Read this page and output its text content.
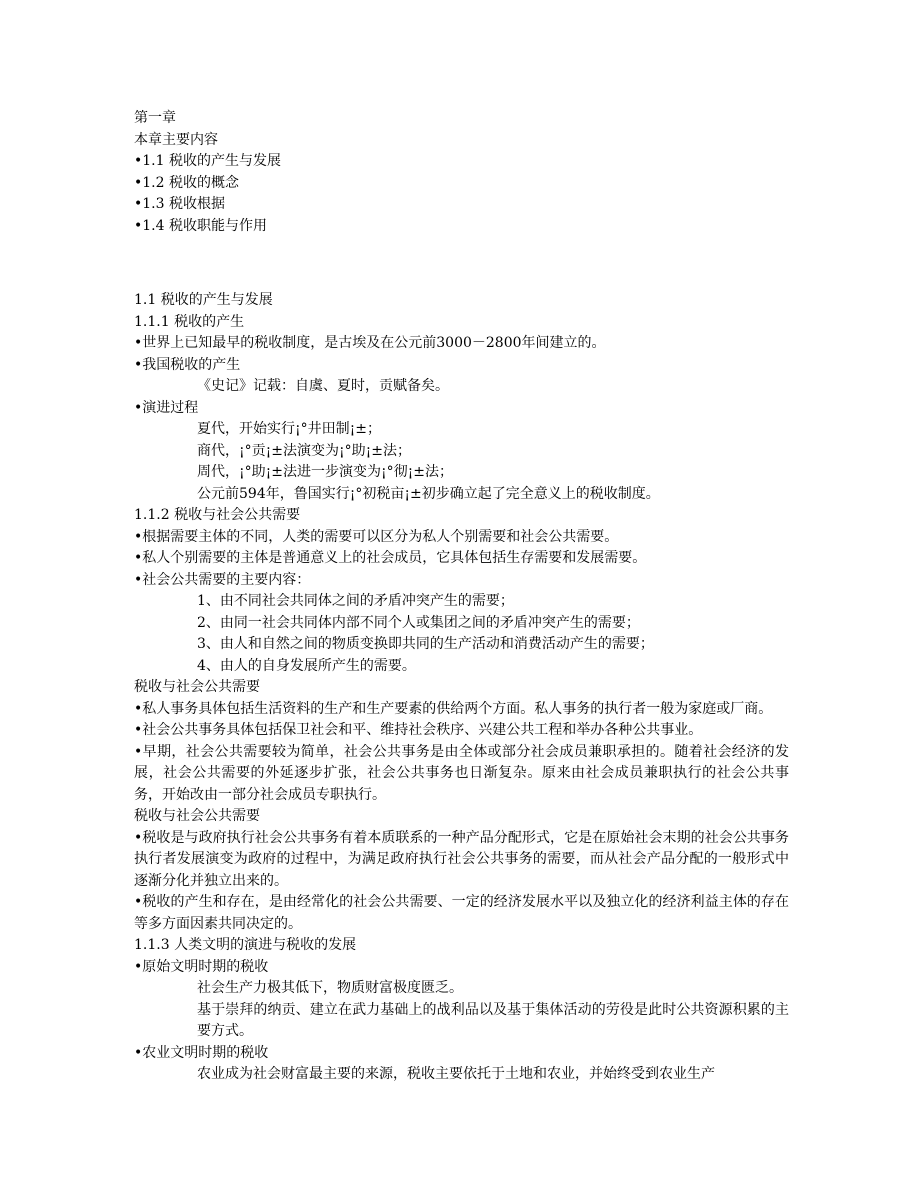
第一章
本章主要内容
• 1.1 税收的产生与发展
• 1.2 税收的概念
• 1.3 税收根据
• 1.4 税收职能与作用
1.1 税收的产生与发展
1.1.1 税收的产生
• 世界上已知最早的税收制度，是古埃及在公元前3000－2800年间建立的。
• 我国税收的产生
《史记》记载：自虞、夏时，贡赋备矣。
• 演进过程
夏代，开始实行¡°井田制¡±；
商代，¡°贡¡±法演变为¡°助¡±法；
周代，¡°助¡±法进一步演变为¡°彻¡±法；
公元前594年，鲁国实行¡°初税亩¡±初步确立起了完全意义上的税收制度。
1.1.2 税收与社会公共需要
• 根据需要主体的不同，人类的需要可以区分为私人个别需要和社会公共需要。
• 私人个别需要的主体是普通意义上的社会成员，它具体包括生存需要和发展需要。
• 社会公共需要的主要内容：
1、由不同社会共同体之间的矛盾冲突产生的需要；
2、由同一社会共同体内部不同个人或集团之间的矛盾冲突产生的需要；
3、由人和自然之间的物质变换即共同的生产活动和消费活动产生的需要；
4、由人的自身发展所产生的需要。
税收与社会公共需要
• 私人事务具体包括生活资料的生产和生产要素的供给两个方面。私人事务的执行者一般为家庭或厂商。
• 社会公共事务具体包括保卫社会和平、维持社会秩序、兴建公共工程和举办各种公共事业。
• 早期，社会公共需要较为简单，社会公共事务是由全体或部分社会成员兼职承担的。随着社会经济的发展，社会公共需要的外延逐步扩张，社会公共事务也日渐复杂。原来由社会成员兼职执行的社会公共事务，开始改由一部分社会成员专职执行。
税收与社会公共需要
• 税收是与政府执行社会公共事务有着本质联系的一种产品分配形式，它是在原始社会末期的社会公共事务执行者发展演变为政府的过程中，为满足政府执行社会公共事务的需要，而从社会产品分配的一般形式中逐渐分化并独立出来的。
• 税收的产生和存在，是由经常化的社会公共需要、一定的经济发展水平以及独立化的经济利益主体的存在等多方面因素共同决定的。
1.1.3 人类文明的演进与税收的发展
• 原始文明时期的税收
社会生产力极其低下，物质财富极度匮乏。
基于崇拜的纳贡、建立在武力基础上的战利品以及基于集体活动的劳役是此时公共资源积累的主要方式。
• 农业文明时期的税收
农业成为社会财富最主要的来源，税收主要依托于土地和农业，并始终受到农业生产
